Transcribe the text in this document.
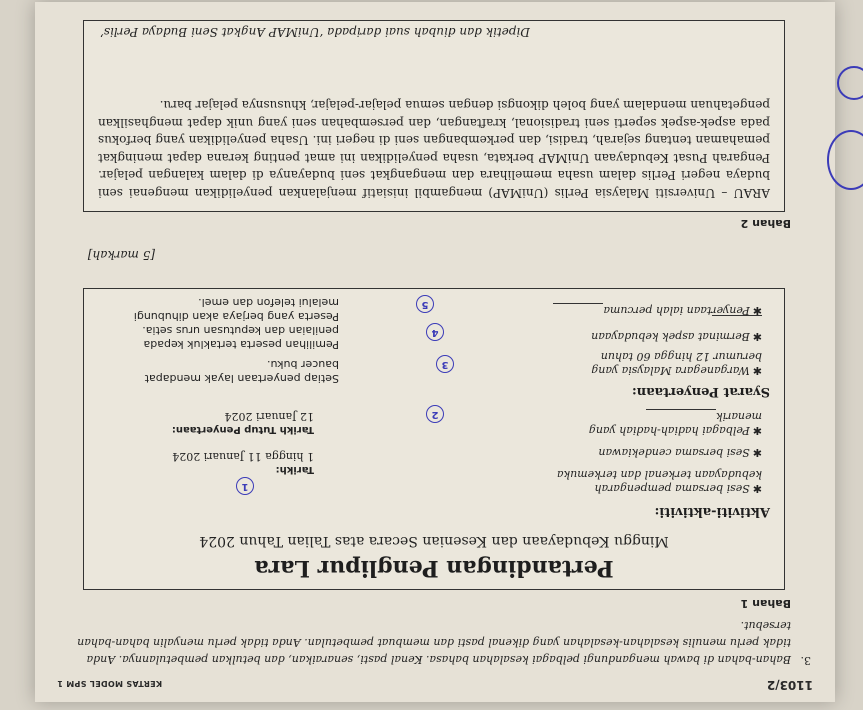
1103/2
KERTAS MODEL SPM 1
3.
Bahan-bahan di bawah mengandungi pelbagai kesalahan bahasa. Kenal pasti, senaraikan, dan betulkan pembetulannya. Anda tidak perlu menulis kesalahan-kesalahan yang dikenal pasti dan membuat pembetulan. Anda tidak perlu menyalin bahan-bahan tersebut.
Bahan 1
Pertandingan Penglipur Lara
Minggu Kebudayaan dan Kesenian Secara atas Talian Tahun 2024
Aktiviti-aktiviti:
✱Sesi bersama pempengarah kebudayaan terkenal dan terkemuka
✱Sesi bersama cendekiawan
✱Pelbagai hadiah-hadiah yang menarik
Tarikh:
1 hingga 11 Januari 2024
Tarikh Tutup Penyertaan:
12 Januari 2024
Syarat Penyertaan:
✱Warganegara Malaysia yang berumur 12 hingga 60 tahun
✱Berminat aspek kebudayaan
✱Penyertaan ialah percuma
Setiap penyertaan layak mendapat baucer buku.
Pemilihan peserta tertakluk kepada penilaian dan keputusan urus setia.
Peserta yang berjaya akan dihubungi melalui telefon dan emel.
1
2
3
4
5
[5 markah]
Bahan 2
ARAU – Universiti Malaysia Perlis (UniMAP) mengambil inisiatif menjalankan penyelidikan mengenai seni budaya negeri Perlis dalam usaha memelihara dan mengangkat seni budayanya di dalam kalangan pelajar. Pengarah Pusat Kebudayaan UniMAP berkata, usaha penyelidikan ini amat penting kerana dapat meningkat pemahaman tentang sejarah, tradisi, dan perkembangan seni di negeri ini. Usaha penyelidikan yang berfokus pada aspek-aspek seperti seni tradisional, kraftangan, dan persembahan seni yang unik dapat menghasilkan pengetahuan mendalam yang boleh dikongsi dengan semua pelajar-pelajar, khususnya pelajar baru.
Dipetik dan diubah suai daripada ‘UniMAP Angkat Seni Budaya Perlis’
